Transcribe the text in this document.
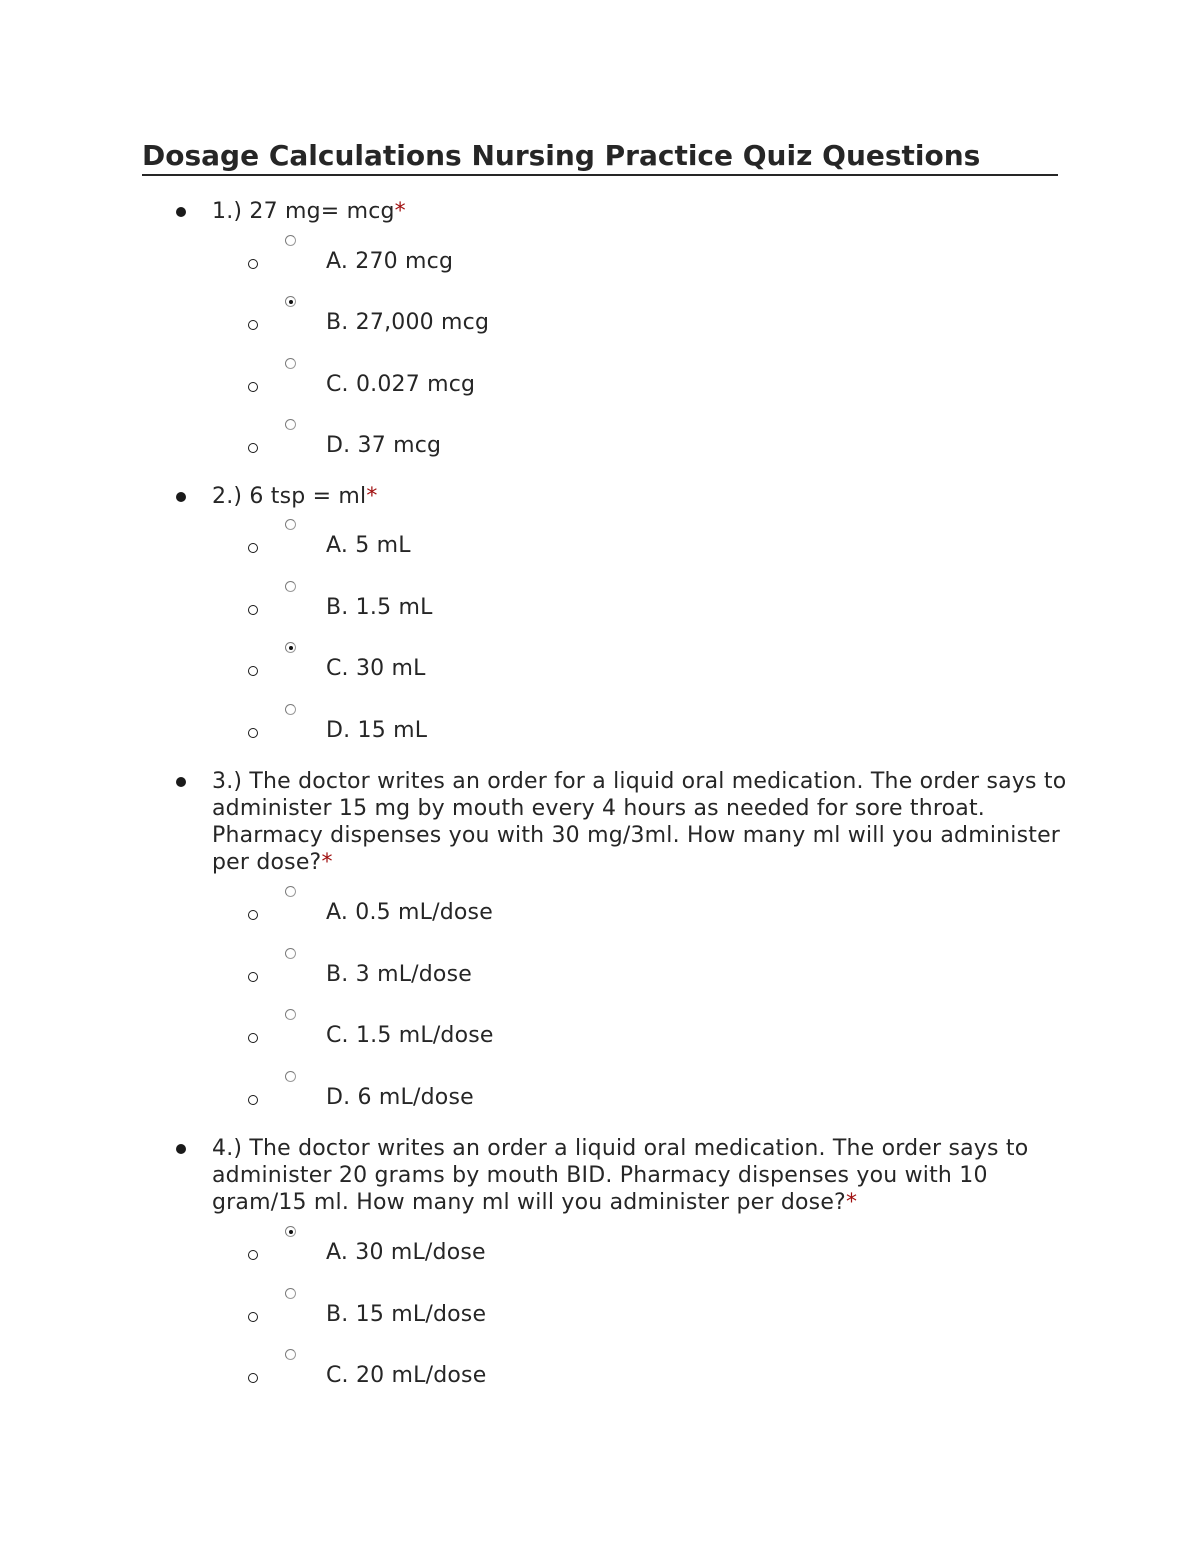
Dosage Calculations Nursing Practice Quiz Questions
1.) 27 mg= mcg*
A. 270 mcg
B. 27,000 mcg
C. 0.027 mcg
D. 37 mcg
2.) 6 tsp = ml*
A. 5 mL
B. 1.5 mL
C. 30 mL
D. 15 mL
3.) The doctor writes an order for a liquid oral medication. The order says to administer 15 mg by mouth every 4 hours as needed for sore throat. Pharmacy dispenses you with 30 mg/3ml. How many ml will you administer per dose?*
A. 0.5 mL/dose
B. 3 mL/dose
C. 1.5 mL/dose
D. 6 mL/dose
4.) The doctor writes an order a liquid oral medication. The order says to administer 20 grams by mouth BID. Pharmacy dispenses you with 10 gram/15 ml. How many ml will you administer per dose?*
A. 30 mL/dose
B. 15 mL/dose
C. 20 mL/dose
